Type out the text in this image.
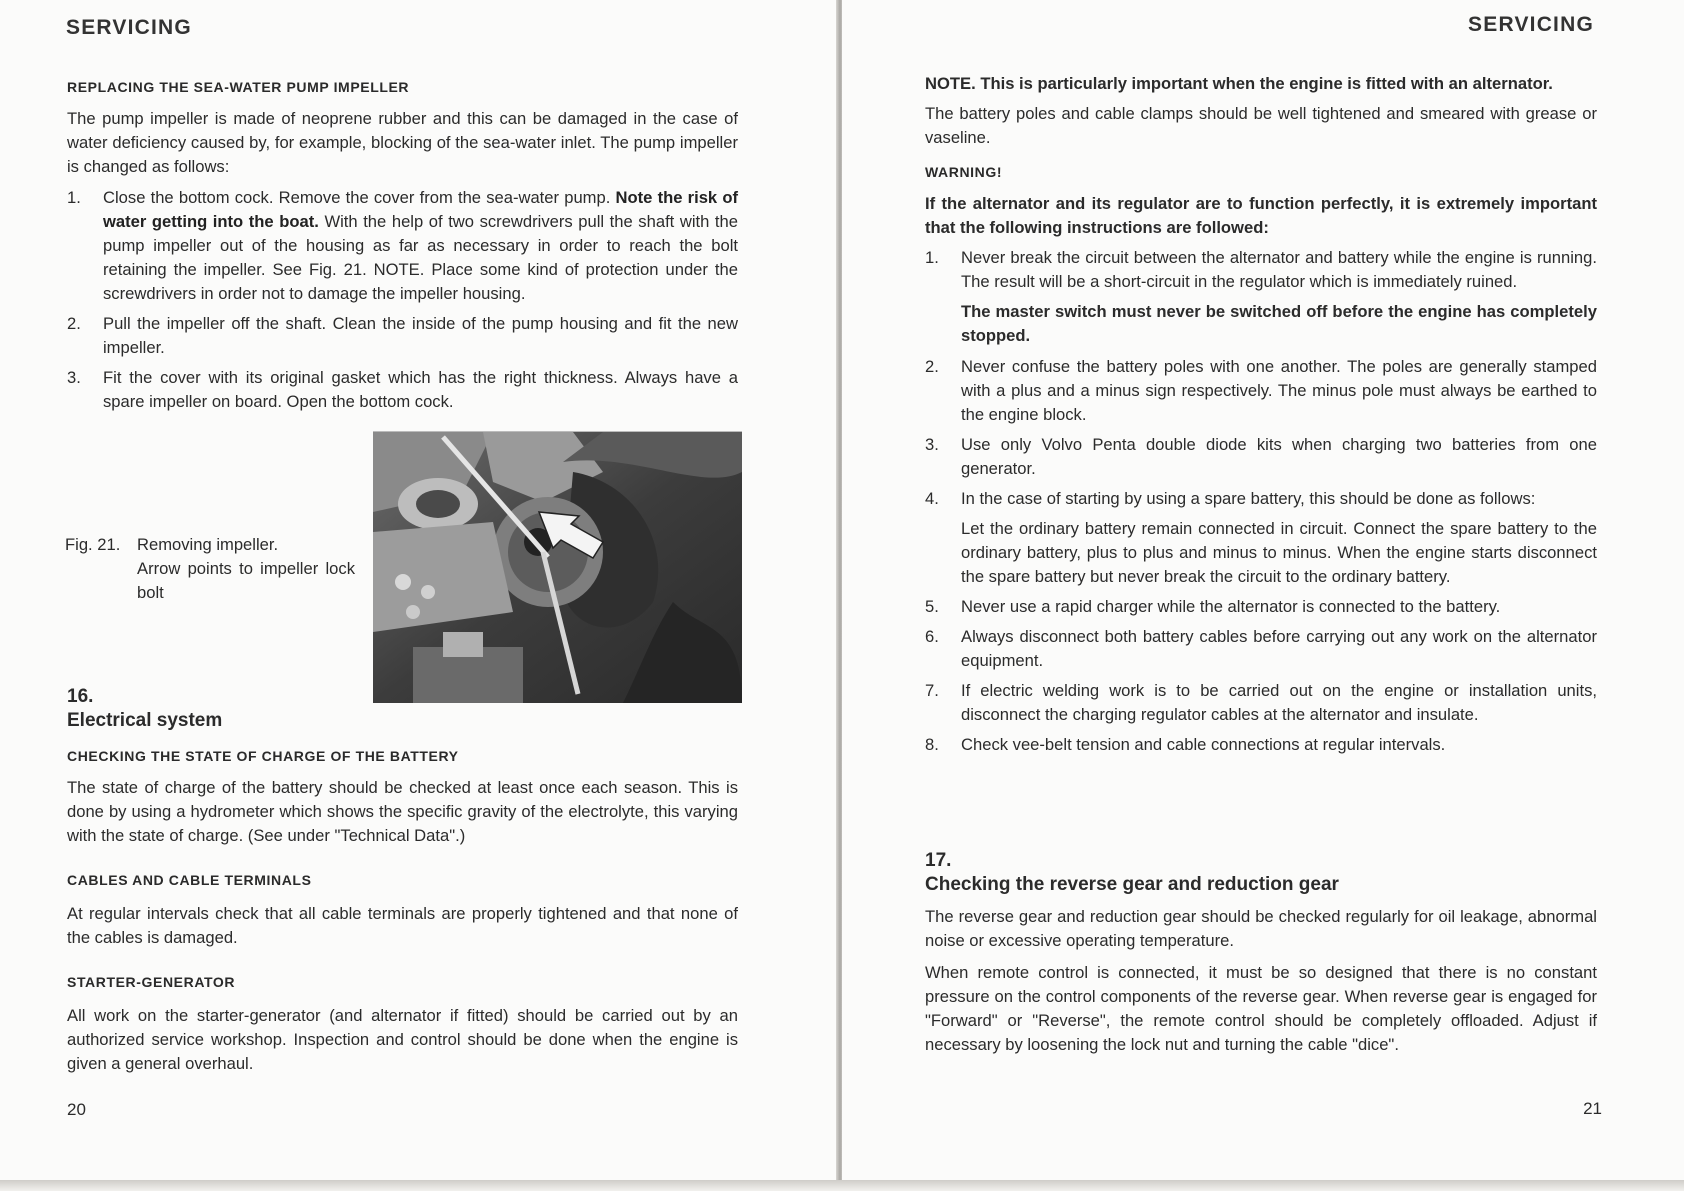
SERVICING
REPLACING THE SEA-WATER PUMP IMPELLER

The pump impeller is made of neoprene rubber and this can be damaged in the case of water deficiency caused by, for example, blocking of the sea-water inlet. The pump impeller is changed as follows:

1. Close the bottom cock. Remove the cover from the sea-water pump. Note the risk of water getting into the boat. With the help of two screwdrivers pull the shaft with the pump impeller out of the housing as far as necessary in order to reach the bolt retaining the impeller. See Fig. 21. NOTE. Place some kind of protection under the screwdrivers in order not to damage the impeller housing.
2. Pull the impeller off the shaft. Clean the inside of the pump housing and fit the new impeller.
3. Fit the cover with its original gasket which has the right thickness. Always have a spare impeller on board. Open the bottom cock.
Fig. 21. Removing impeller.
Arrow points to impeller lock bolt
16.
Electrical system
CHECKING THE STATE OF CHARGE OF THE BATTERY

The state of charge of the battery should be checked at least once each season. This is done by using a hydrometer which shows the specific gravity of the electrolyte, this varying with the state of charge. (See under "Technical Data".)

CABLES AND CABLE TERMINALS

At regular intervals check that all cable terminals are properly tightened and that none of the cables is damaged.

STARTER-GENERATOR

All work on the starter-generator (and alternator if fitted) should be carried out by an authorized service workshop. Inspection and control should be done when the engine is given a general overhaul.

20
SERVICING

NOTE. This is particularly important when the engine is fitted with an alternator.

The battery poles and cable clamps should be well tightened and smeared with grease or vaseline.

WARNING!

If the alternator and its regulator are to function perfectly, it is extremely important that the following instructions are followed:

1. Never break the circuit between the alternator and battery while the engine is running. The result will be a short-circuit in the regulator which is immediately ruined.
The master switch must never be switched off before the engine has completely stopped.
2. Never confuse the battery poles with one another. The poles are generally stamped with a plus and a minus sign respectively. The minus pole must always be earthed to the engine block.
3. Use only Volvo Penta double diode kits when charging two batteries from one generator.
4. In the case of starting by using a spare battery, this should be done as follows:
Let the ordinary battery remain connected in circuit. Connect the spare battery to the ordinary battery, plus to plus and minus to minus. When the engine starts disconnect the spare battery but never break the circuit to the ordinary battery.
5. Never use a rapid charger while the alternator is connected to the battery.
6. Always disconnect both battery cables before carrying out any work on the alternator equipment.
7. If electric welding work is to be carried out on the engine or installation units, disconnect the charging regulator cables at the alternator and insulate.
8. Check vee-belt tension and cable connections at regular intervals.
17.
Checking the reverse gear and reduction gear

The reverse gear and reduction gear should be checked regularly for oil leakage, abnormal noise or excessive operating temperature.

When remote control is connected, it must be so designed that there is no constant pressure on the control components of the reverse gear. When reverse gear is engaged for "Forward" or "Reverse", the remote control should be completely offloaded. Adjust if necessary by loosening the lock nut and turning the cable "dice".

21
